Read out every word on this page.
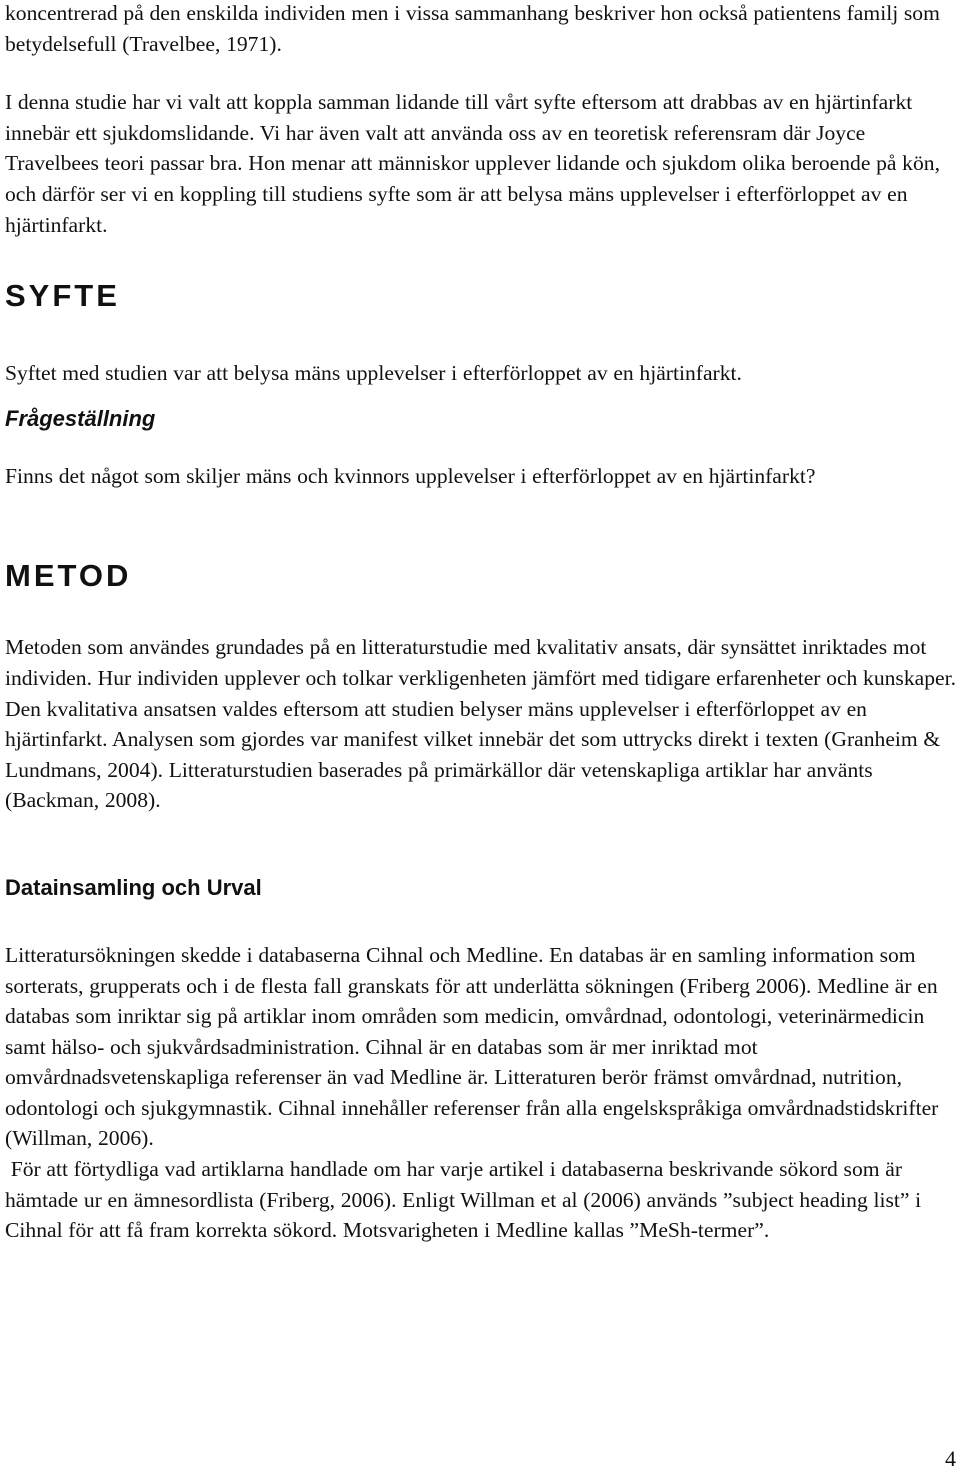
koncentrerad på den enskilda individen men i vissa sammanhang beskriver hon också patientens familj som betydelsefull (Travelbee, 1971).

I denna studie har vi valt att koppla samman lidande till vårt syfte eftersom att drabbas av en hjärtinfarkt innebär ett sjukdomslidande. Vi har även valt att använda oss av en teoretisk referensram där Joyce Travelbees teori passar bra. Hon menar att människor upplever lidande och sjukdom olika beroende på kön, och därför ser vi en koppling till studiens syfte som är att belysa mäns upplevelser i efterförloppet av en hjärtinfarkt.

SYFTE

Syftet med studien var att belysa mäns upplevelser i efterförloppet av en hjärtinfarkt.

Frågeställning

Finns det något som skiljer mäns och kvinnors upplevelser i efterförloppet av en hjärtinfarkt?

METOD

Metoden som användes grundades på en litteraturstudie med kvalitativ ansats, där synsättet inriktades mot individen. Hur individen upplever och tolkar verkligenheten jämfört med tidigare erfarenheter och kunskaper. Den kvalitativa ansatsen valdes eftersom att studien belyser mäns upplevelser i efterförloppet av en hjärtinfarkt. Analysen som gjordes var manifest vilket innebär det som uttrycks direkt i texten (Granheim & Lundmans, 2004). Litteraturstudien baserades på primärkällor där vetenskapliga artiklar har använts (Backman, 2008).

Datainsamling och Urval

Litteratursökningen skedde i databaserna Cihnal och Medline. En databas är en samling information som sorterats, grupperats och i de flesta fall granskats för att underlätta sökningen (Friberg 2006). Medline är en databas som inriktar sig på artiklar inom områden som medicin, omvårdnad, odontologi, veterinärmedicin samt hälso- och sjukvårdsadministration. Cihnal är en databas som är mer inriktad mot omvårdnadsvetenskapliga referenser än vad Medline är. Litteraturen berör främst omvårdnad, nutrition, odontologi och sjukgymnastik. Cihnal innehåller referenser från alla engelskspråkiga omvårdnadstidskrifter (Willman, 2006).

För att förtydliga vad artiklarna handlade om har varje artikel i databaserna beskrivande sökord som är hämtade ur en ämnesordlista (Friberg, 2006). Enligt Willman et al (2006) används ”subject heading list” i Cihnal för att få fram korrekta sökord. Motsvarigheten i Medline kallas ”MeSh-termer”.

4
